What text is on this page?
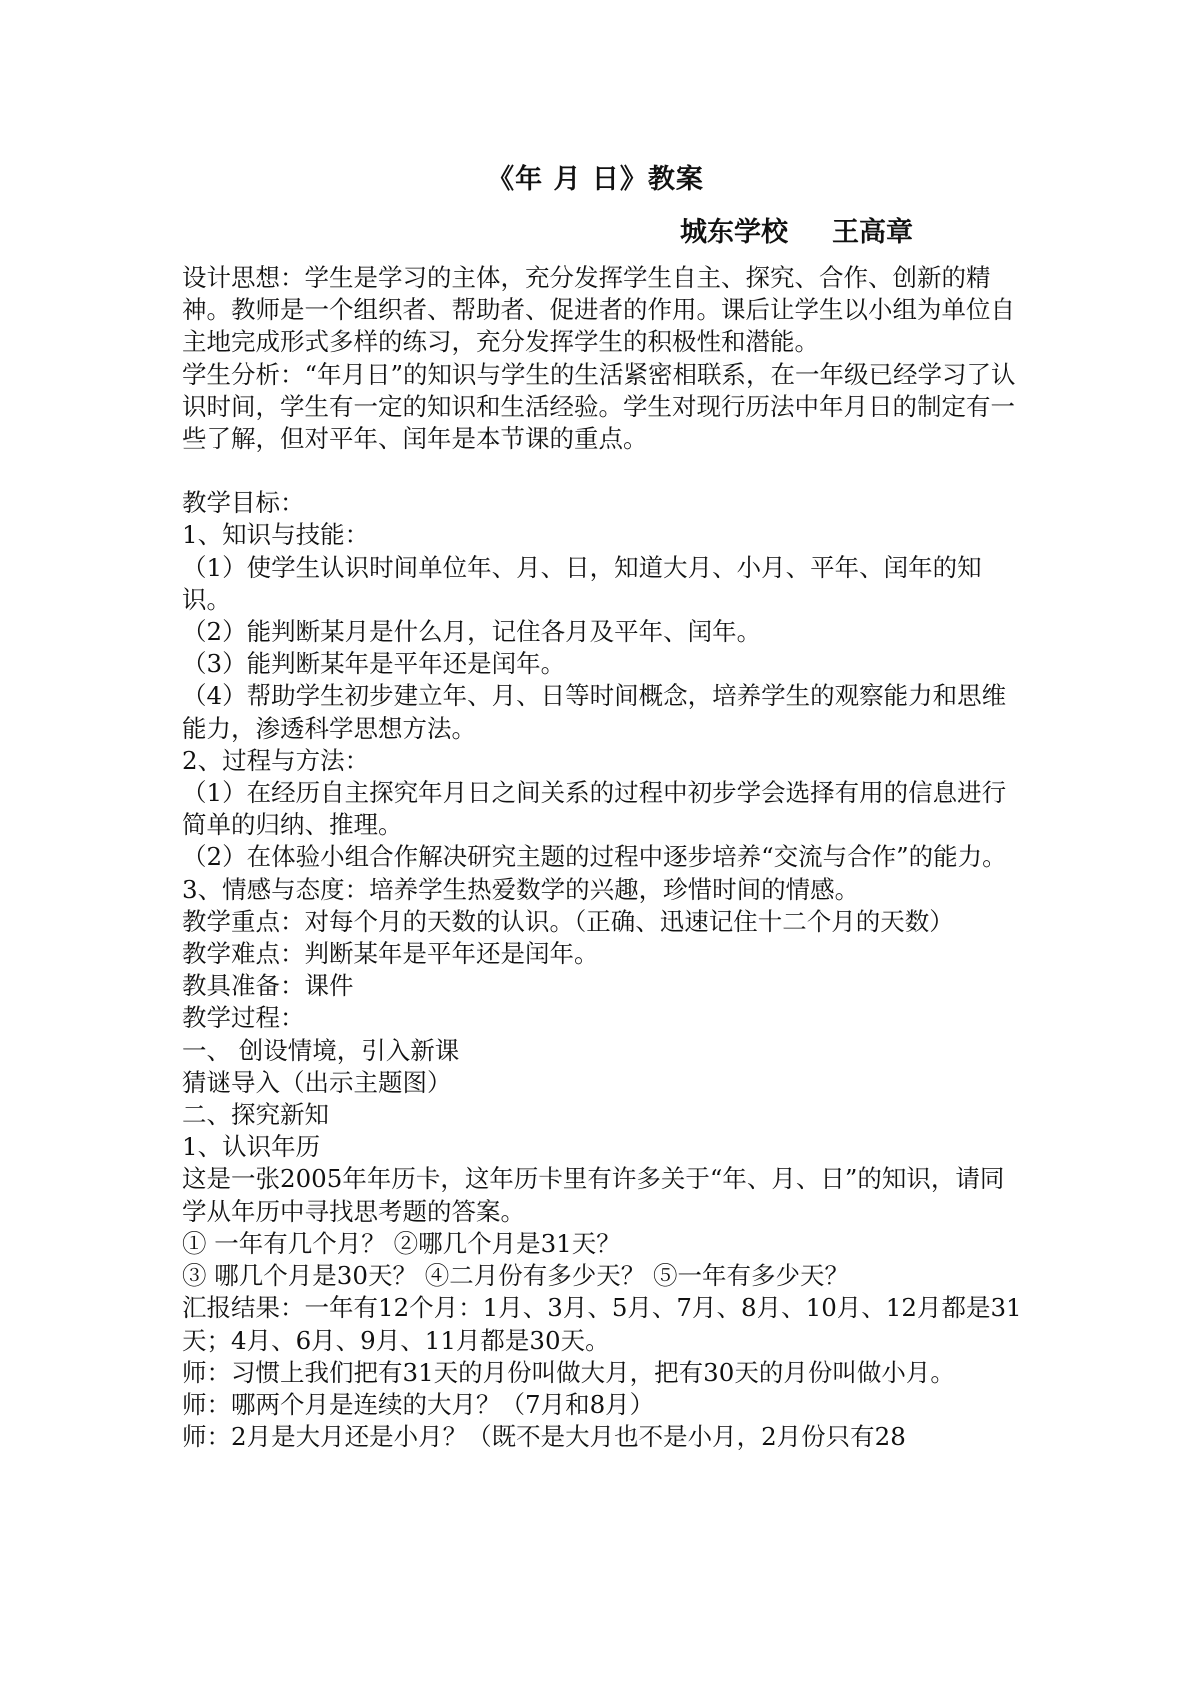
《年 月 日》教案
城东学校 王高章

设计思想：学生是学习的主体，充分发挥学生自主、探究、合作、创新的精神。教师是一个组织者、帮助者、促进者的作用。课后让学生以小组为单位自主地完成形式多样的练习，充分发挥学生的积极性和潜能。

学生分析：“年月日”的知识与学生的生活紧密相联系，在一年级已经学习了认识时间，学生有一定的知识和生活经验。学生对现行历法中年月日的制定有一些了解，但对平年、闰年是本节课的重点。

教学目标：

1、知识与技能：

（1）使学生认识时间单位年、月、日，知道大月、小月、平年、闰年的知识。

（2）能判断某月是什么月，记住各月及平年、闰年。

（3）能判断某年是平年还是闰年。

（4）帮助学生初步建立年、月、日等时间概念，培养学生的观察能力和思维能力，渗透科学思想方法。

2、过程与方法：

（1）在经历自主探究年月日之间关系的过程中初步学会选择有用的信息进行简单的归纳、推理。

（2）在体验小组合作解决研究主题的过程中逐步培养“交流与合作”的能力。

3、情感与态度：培养学生热爱数学的兴趣，珍惜时间的情感。

教学重点：对每个月的天数的认识。（正确、迅速记住十二个月的天数）

教学难点：判断某年是平年还是闰年。

教具准备：课件

教学过程：

一、 创设情境，引入新课

猜谜导入（出示主题图）

二、探究新知

1、认识年历

这是一张2005年年历卡，这年历卡里有许多关于“年、月、日”的知识，请同学从年历中寻找思考题的答案。

① 一年有几个月？ ②哪几个月是31天？

③ 哪几个月是30天？ ④二月份有多少天？ ⑤一年有多少天？

汇报结果：一年有12个月：1月、3月、5月、7月、8月、10月、12月都是31天；4月、6月、9月、11月都是30天。

师：习惯上我们把有31天的月份叫做大月，把有30天的月份叫做小月。

师：哪两个月是连续的大月？（7月和8月）

师：2月是大月还是小月？（既不是大月也不是小月，2月份只有28
